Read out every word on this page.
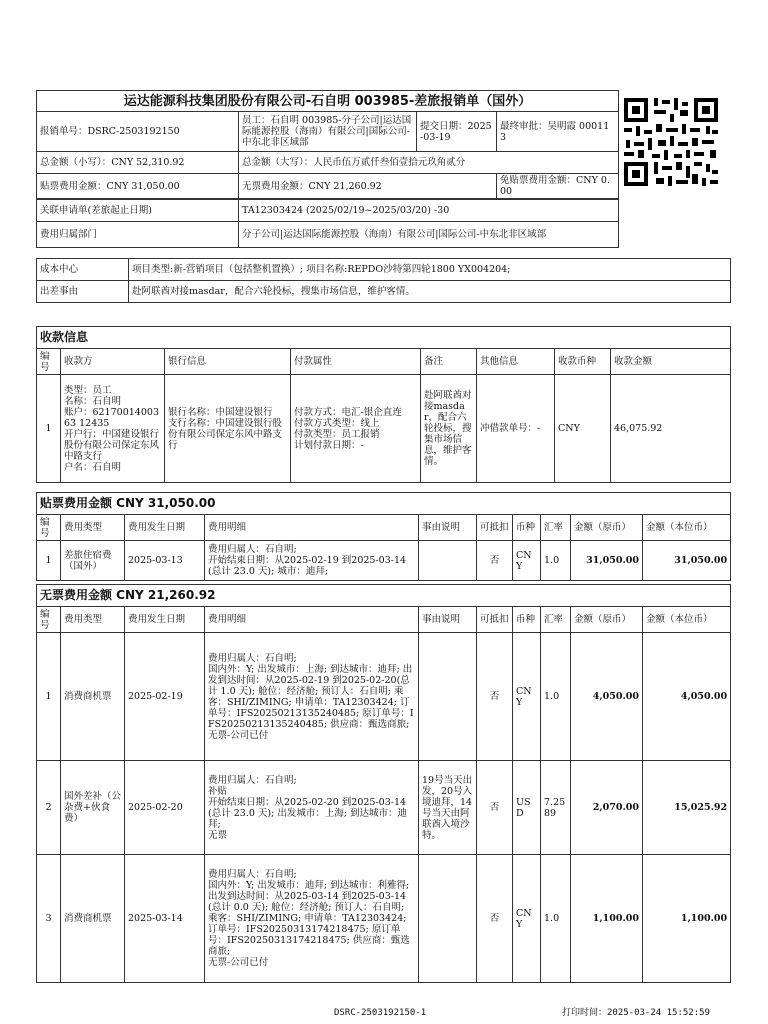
运达能源科技集团股份有限公司-石自明 003985-差旅报销单（国外）			
报销单号：DSRC-2503192150	员工：石自明 003985-分子公司|运达国际能源控股（海南）有限公司|国际公司-中东北非区域部	提交日期：2025-03-19	最终审批：吴明霞 000113
总金额（小写）：CNY 52,310.92	总金额（大写）：人民币伍万贰仟叁佰壹拾元玖角贰分		
贴票费用金额：CNY 31,050.00	无票费用金额：CNY 21,260.92		免贴票费用金额：CNY 0.00
关联申请单(差旅起止日期)	TA12303424 (2025/02/19~2025/03/20) -30
费用归属部门	分子公司|运达国际能源控股（海南）有限公司|国际公司-中东北非区域部
成本中心	项目类型:新-营销项目（包括整机置换）; 项目名称:REPDO沙特第四轮1800 YX004204;
出差事由	赴阿联酋对接masdar，配合六轮投标，搜集市场信息，维护客情。
收款信息							
编号	收款方	银行信息	付款属性	备注	其他信息	收款币种	收款金额
1	类型：员工
名称：石自明
账户：6217001400363 12435
开户行：中国建设银行股份有限公司保定东风中路支行
户名：石自明	银行名称：中国建设银行
支行名称：中国建设银行股份有限公司保定东风中路支行	付款方式：电汇-银企直连
付款方式类型：线上
付款类型：员工报销
计划付款日期：-	赴阿联酋对接masdar，配合六轮投标，搜集市场信息，维护客情。	冲借款单号：-	CNY	46,075.92
贴票费用金额 CNY 31,050.00									
编号	费用类型	费用发生日期	费用明细	事由说明	可抵扣	币种	汇率	金额（原币）	金额（本位币）
1	差旅住宿费（国外）	2025-03-13	费用归属人：石自明;
开始结束日期：从2025-02-19 到2025-03-14(总计 23.0 天); 城市：迪拜;		否	CNY	1.0	31,050.00	31,050.00
无票费用金额 CNY 21,260.92									
编号	费用类型	费用发生日期	费用明细	事由说明	可抵扣	币种	汇率	金额（原币）	金额（本位币）
1	消费商机票	2025-02-19	费用归属人：石自明;
国内外：Y; 出发城市：上海; 到达城市：迪拜; 出发到达时间：从2025-02-19 到2025-02-20(总计 1.0 天); 舱位：经济舱; 预订人：石自明; 乘客：SHI/ZIMING; 申请单：TA12303424; 订单号：IFS20250213135240485; 原订单号：IFS20250213135240485; 供应商：甄选商旅;
无票-公司已付		否	CNY	1.0	4,050.00	4,050.00
2	国外差补（公杂费+伙食费）	2025-02-20	费用归属人：石自明;
补贴
开始结束日期：从2025-02-20 到2025-03-14(总计 23.0 天); 出发城市：上海; 到达城市：迪拜;
无票	19号当天出发，20号入境迪拜，14号当天由阿联酋入境沙特。	否	USD	7.2589	2,070.00	15,025.92
3	消费商机票	2025-03-14	费用归属人：石自明;
国内外：Y; 出发城市：迪拜; 到达城市：利雅得; 出发到达时间：从2025-03-14 到2025-03-14(总计 0.0 天); 舱位：经济舱; 预订人：石自明; 乘客：SHI/ZIMING; 申请单：TA12303424; 订单号：IFS20250313174218475; 原订单号：IFS20250313174218475; 供应商：甄选商旅;
无票-公司已付		否	CNY	1.0	1,100.00	1,100.00
DSRC-2503192150-1	打印时间：2025-03-24 15:52:59
